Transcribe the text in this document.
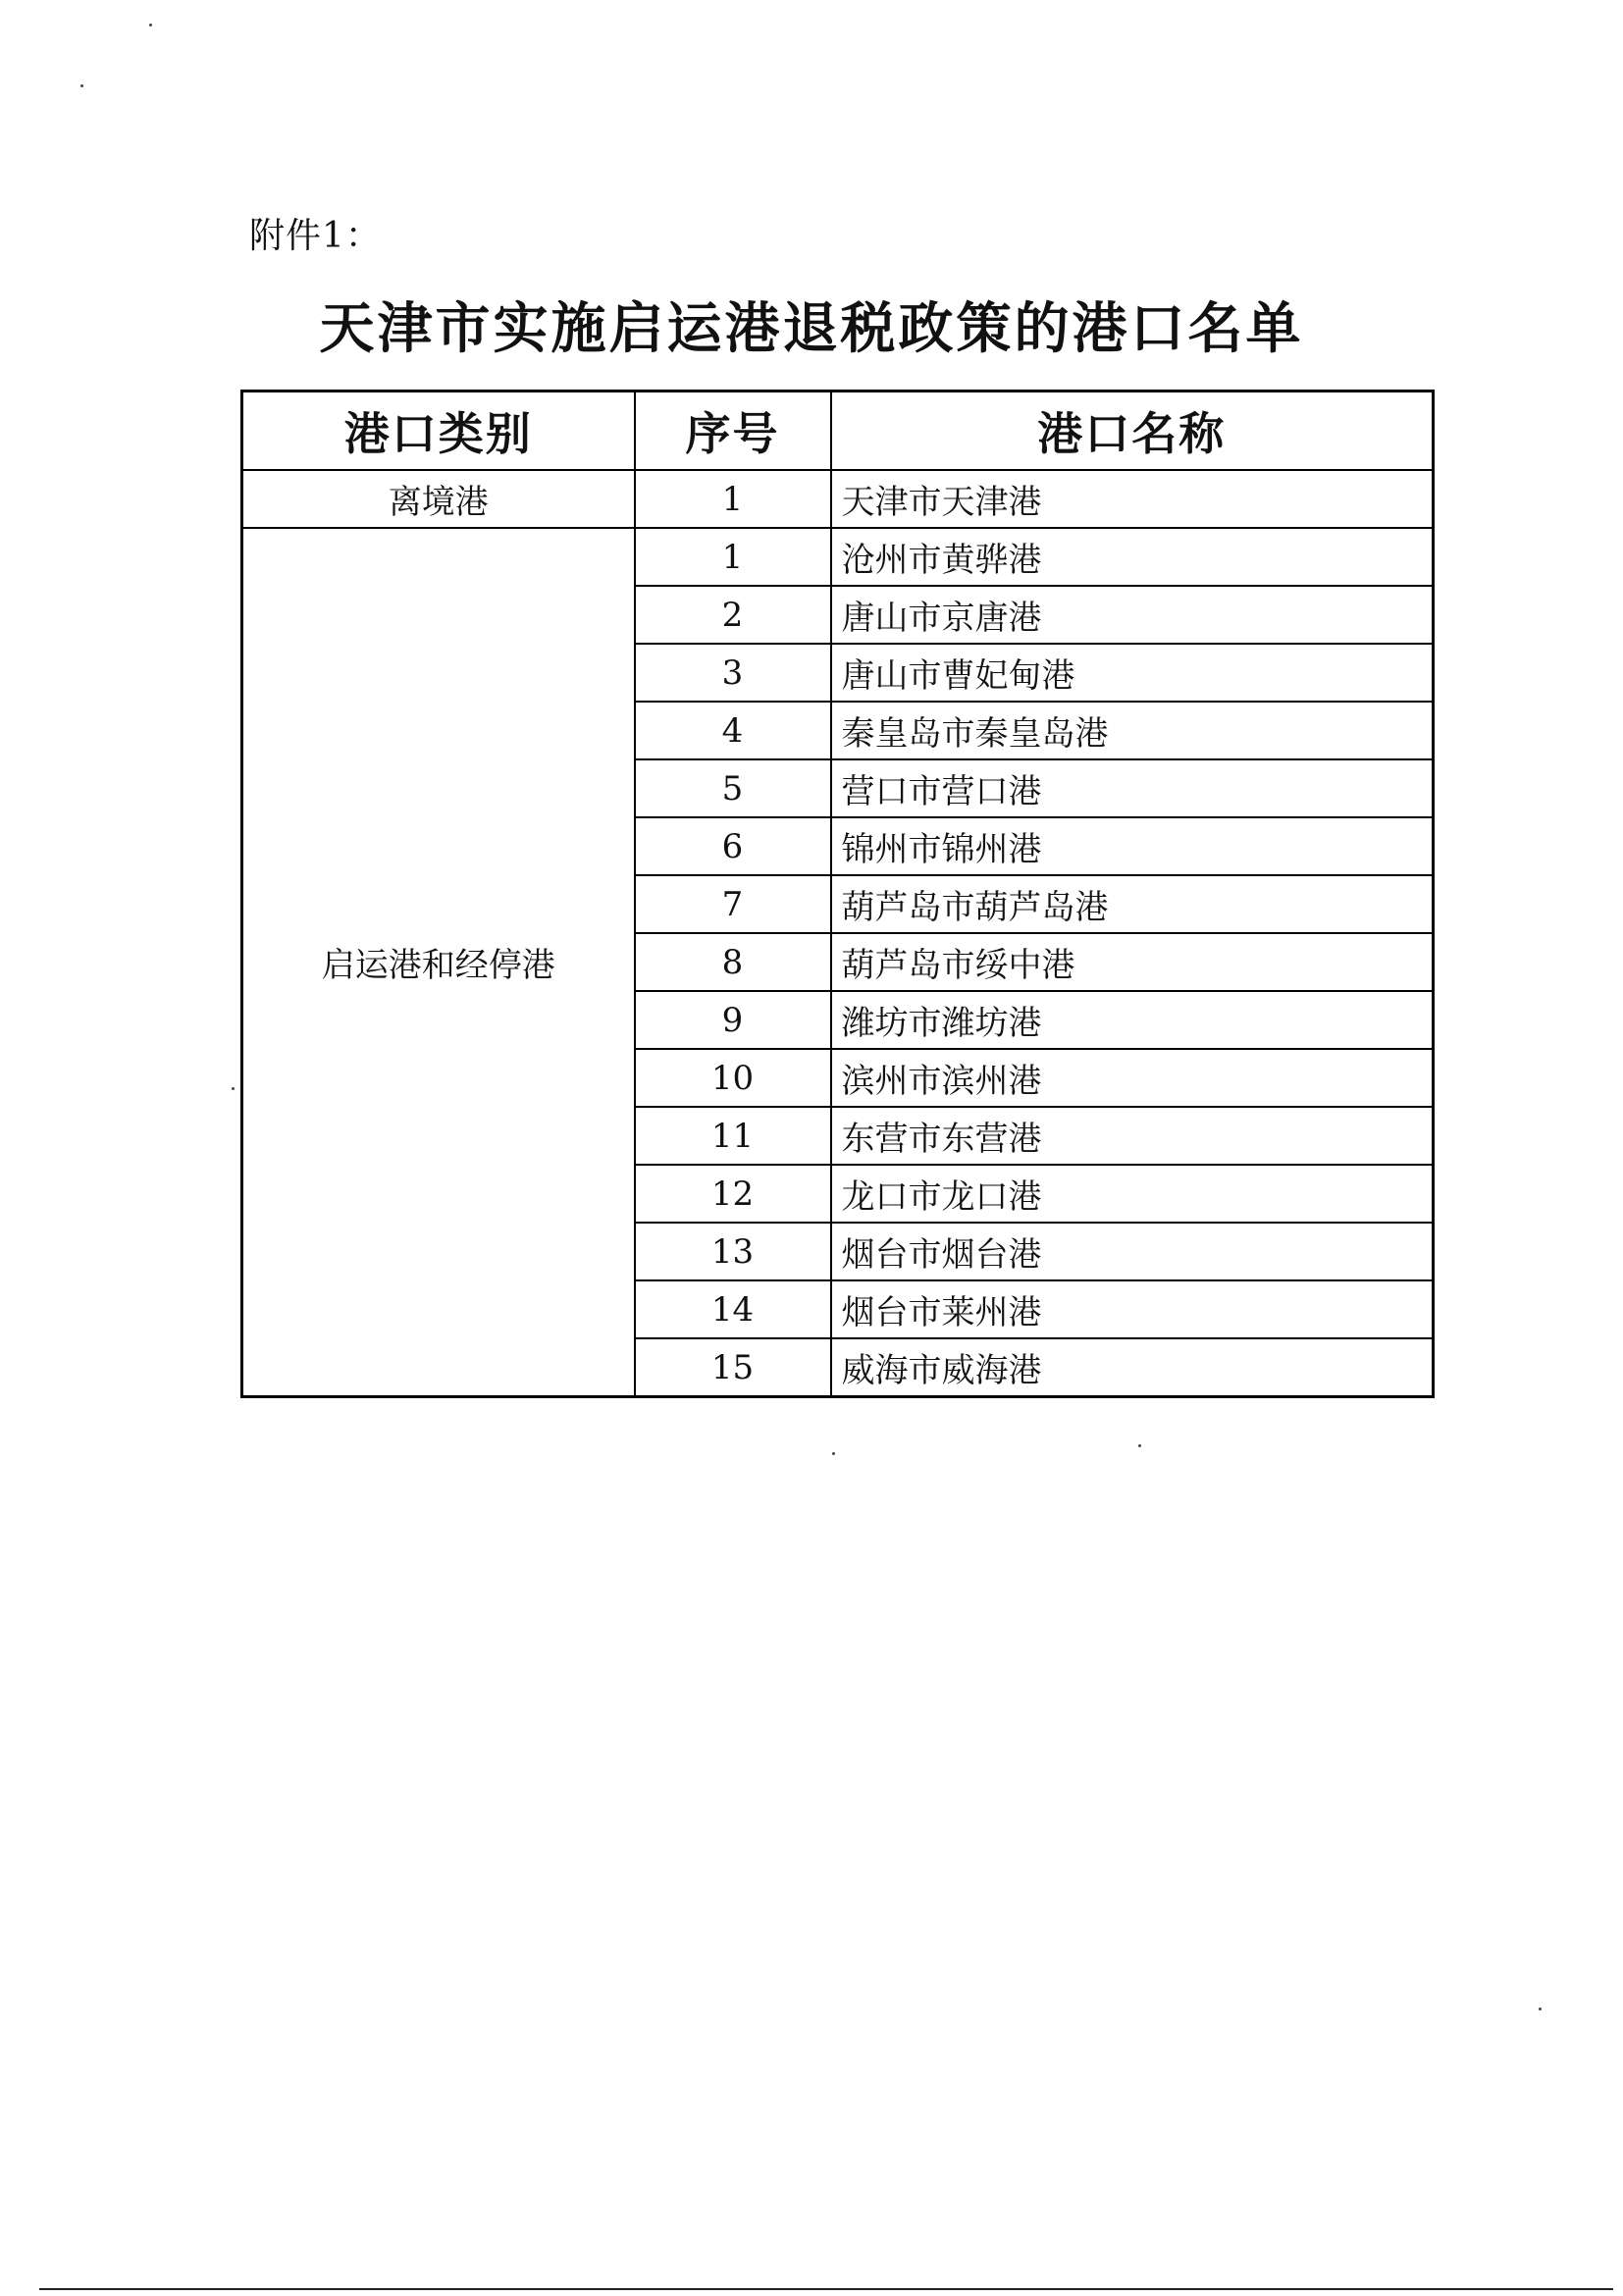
附件1：
天津市实施启运港退税政策的港口名单
港口类别	序号	港口名称
离境港	1	天津市天津港
启运港和经停港	1	沧州市黄骅港
	2	唐山市京唐港
	3	唐山市曹妃甸港
	4	秦皇岛市秦皇岛港
	5	营口市营口港
	6	锦州市锦州港
	7	葫芦岛市葫芦岛港
	8	葫芦岛市绥中港
	9	潍坊市潍坊港
	10	滨州市滨州港
	11	东营市东营港
	12	龙口市龙口港
	13	烟台市烟台港
	14	烟台市莱州港
	15	威海市威海港
